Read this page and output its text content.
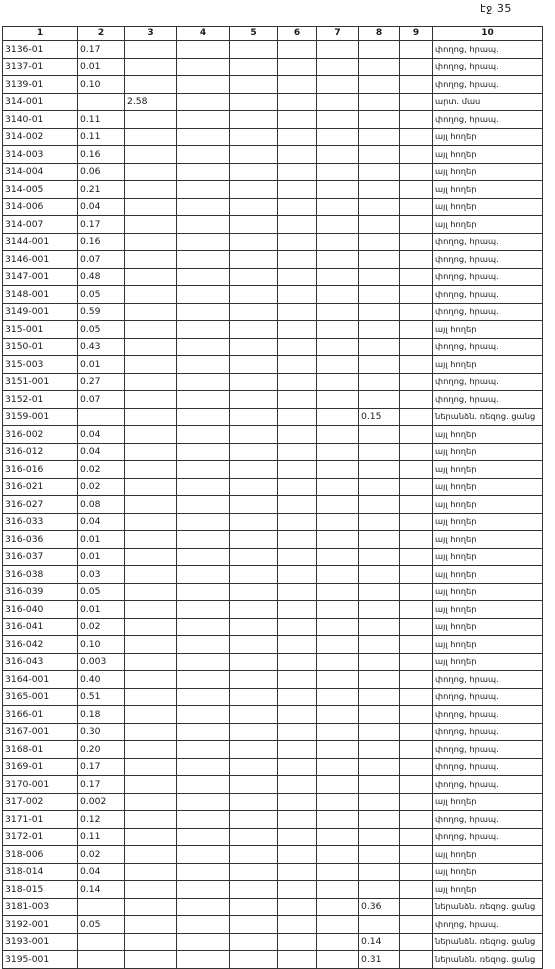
էջ 35
1	2	3	4	5	6	7	8	9	10
3136-01	0.17								փողոց, հրապ.
3137-01	0.01								փողոց, հրապ.
3139-01	0.10								փողոց, հրապ.
314-001		2.58							արտ. մաս
3140-01	0.11								փողոց, հրապ.
314-002	0.11								այլ հողեր
314-003	0.16								այլ հողեր
314-004	0.06								այլ հողեր
314-005	0.21								այլ հողեր
314-006	0.04								այլ հողեր
314-007	0.17								այլ հողեր
3144-001	0.16								փողոց, հրապ.
3146-001	0.07								փողոց, հրապ.
3147-001	0.48								փողոց, հրապ.
3148-001	0.05								փողոց, հրապ.
3149-001	0.59								փողոց, հրապ.
315-001	0.05								այլ հողեր
3150-01	0.43								փողոց, հրապ.
315-003	0.01								այլ հողեր
3151-001	0.27								փողոց, հրապ.
3152-01	0.07								փողոց, հրապ.
3159-001							0.15		ներանձն. ռեզոց. ցանց
316-002	0.04								այլ հողեր
316-012	0.04								այլ հողեր
316-016	0.02								այլ հողեր
316-021	0.02								այլ հողեր
316-027	0.08								այլ հողեր
316-033	0.04								այլ հողեր
316-036	0.01								այլ հողեր
316-037	0.01								այլ հողեր
316-038	0.03								այլ հողեր
316-039	0.05								այլ հողեր
316-040	0.01								այլ հողեր
316-041	0.02								այլ հողեր
316-042	0.10								այլ հողեր
316-043	0.003								այլ հողեր
3164-001	0.40								փողոց, հրապ.
3165-001	0.51								փողոց, հրապ.
3166-01	0.18								փողոց, հրապ.
3167-001	0.30								փողոց, հրապ.
3168-01	0.20								փողոց, հրապ.
3169-01	0.17								փողոց, հրապ.
3170-001	0.17								փողոց, հրապ.
317-002	0.002								այլ հողեր
3171-01	0.12								փողոց, հրապ.
3172-01	0.11								փողոց, հրապ.
318-006	0.02								այլ հողեր
318-014	0.04								այլ հողեր
318-015	0.14								այլ հողեր
3181-003							0.36		ներանձն. ռեզոց. ցանց
3192-001	0.05								փողոց, հրապ.
3193-001							0.14		ներանձն. ռեզոց. ցանց
3195-001							0.31		ներանձն. ռեզոց. ցանց
